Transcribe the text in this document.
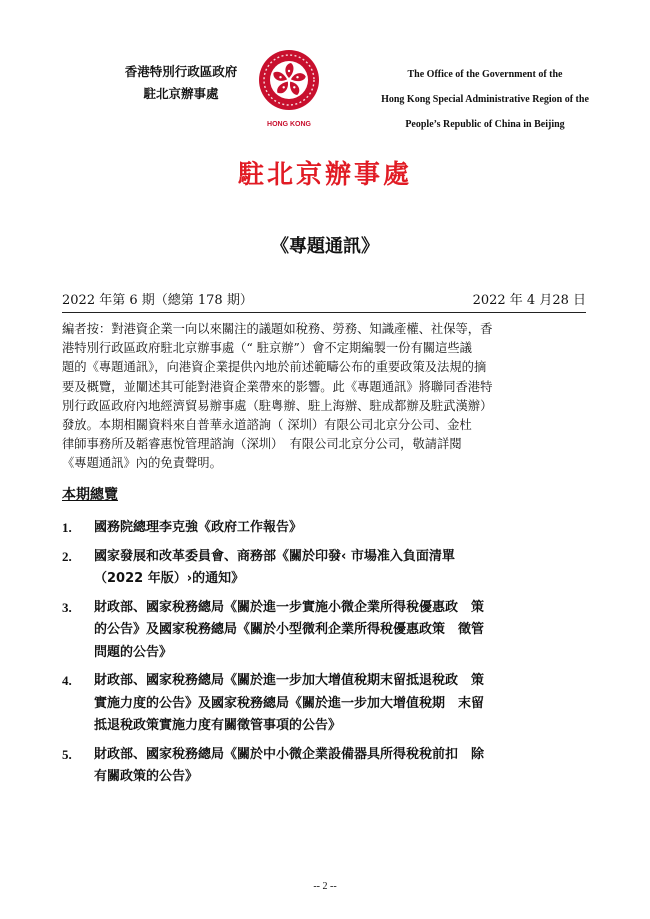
香港特別行政區政府
駐北京辦事處
HONG KONG
The Office of the Government of the
Hong Kong Special Administrative Region of the
People’s Republic of China in Beijing
駐北京辦事處
《專題通訊》
2022 年第 6 期（總第 178 期）	2022 年 4 月28 日
編者按：對港資企業一向以來關注的議題如稅務、勞務、知識產權、社保等，香
港特別行政區政府駐北京辦事處（“ 駐京辦”）會不定期編製一份有關這些議
題的《專題通訊》，向港資企業提供內地於前述範疇公布的重要政策及法規的摘
要及概覽，並闡述其可能對港資企業帶來的影響。此《專題通訊》將聯同香港特
別行政區政府內地經濟貿易辦事處（駐粵辦、駐上海辦、駐成都辦及駐武漢辦）
發放。本期相關資料來自普華永道諮詢（ 深圳）有限公司北京分公司、金杜
律師事務所及韜睿惠悅管理諮詢（深圳）　有限公司北京分公司，敬請詳閱
《專題通訊》內的免責聲明。
本期總覽
1. 國務院總理李克強《政府工作報告》
2. 國家發展和改革委員會、商務部《關於印發‹ 市場准入負面清單
（2022 年版）›的通知》
3. 財政部、國家稅務總局《關於進一步實施小微企業所得稅優惠政　策
的公告》及國家稅務總局《關於小型微利企業所得稅優惠政策　徵管
問題的公告》
4. 財政部、國家稅務總局《關於進一步加大增值稅期末留抵退稅政　策
實施力度的公告》及國家稅務總局《關於進一步加大增值稅期　末留
抵退稅政策實施力度有關徵管事項的公告》
5. 財政部、國家稅務總局《關於中小微企業設備器具所得稅稅前扣　除
有關政策的公告》
-- 2 --
